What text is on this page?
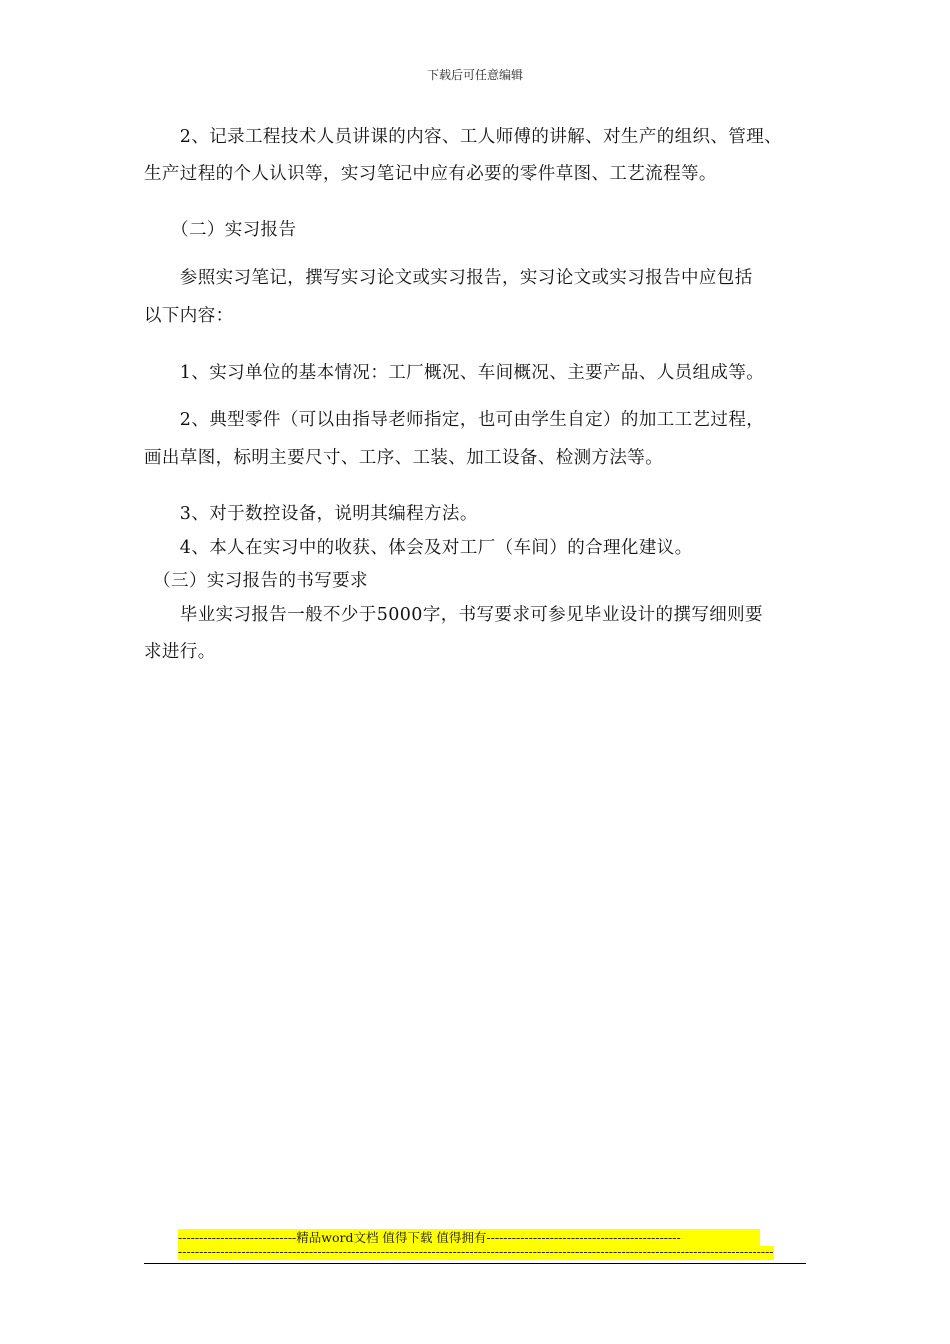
下载后可任意编辑
　　2、记录工程技术人员讲课的内容、工人师傅的讲解、对生产的组织、管理、
生产过程的个人认识等，实习笔记中应有必要的零件草图、工艺流程等。
　　（二）实习报告
　　参照实习笔记，撰写实习论文或实习报告，实习论文或实习报告中应包括
以下内容：
　　1、实习单位的基本情况：工厂概况、车间概况、主要产品、人员组成等。
　　2、典型零件（可以由指导老师指定，也可由学生自定）的加工工艺过程，
画出草图，标明主要尺寸、工序、工装、加工设备、检测方法等。
　　3、对于数控设备，说明其编程方法。
　　4、本人在实习中的收获、体会及对工厂（车间）的合理化建议。
　（三）实习报告的书写要求
　　毕业实习报告一般不少于5000字，书写要求可参见毕业设计的撰写细则要
求进行。
----------------------------精品word文档 值得下载 值得拥有----------------------------------------------
---------------------------------------------------------------------------------------------------------------------------------------------
